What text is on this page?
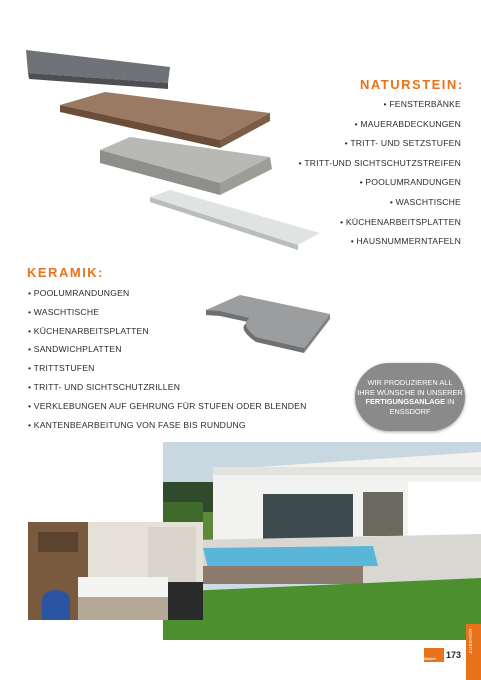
NATURSTEIN:
• FENSTERBÄNKE
• MAUERABDECKUNGEN
• TRITT- UND SETZSTUFEN
• TRITT-UND SICHTSCHUTZSTREIFEN
• POOLUMRANDUNGEN
• WASCHTISCHE
• KÜCHENARBEITSPLATTEN
• HAUSNUMMERNTAFELN
KERAMIK:
• POOLUMRANDUNGEN
• WASCHTISCHE
• KÜCHENARBEITSPLATTEN
• SANDWICHPLATTEN
• TRITTSTUFEN
• TRITT- UND SICHTSCHUTZRILLEN
• VERKLEBUNGEN AUF GEHRUNG FÜR STUFEN ODER BLENDEN
• KANTENBEARBEITUNG VON FASE BIS RUNDUNG
WIR PRODUZIEREN ALL
IHRE WÜNSCHE IN UNSERER
FERTIGUNGSANLAGE IN
ENSSDORF
Stein+ 173
ZUBEHÖR
